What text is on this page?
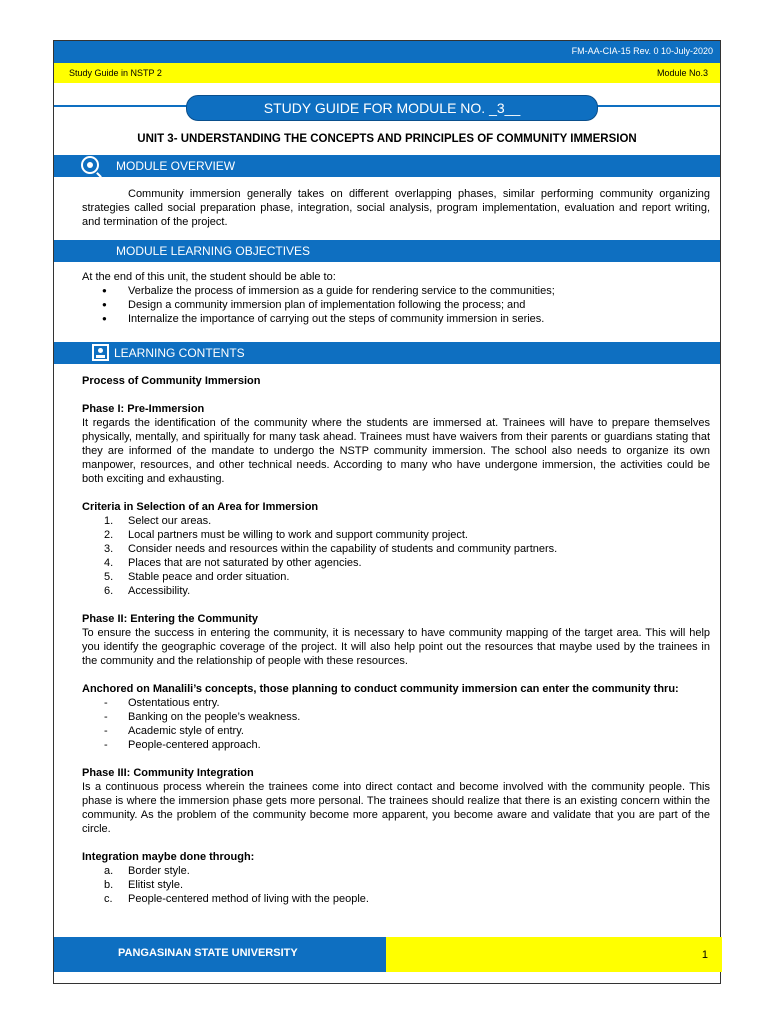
FM-AA-CIA-15 Rev. 0 10-July-2020
Study Guide in NSTP 2	Module No.3
STUDY GUIDE FOR MODULE NO. _3__
UNIT 3- UNDERSTANDING THE CONCEPTS AND PRINCIPLES OF COMMUNITY IMMERSION
MODULE OVERVIEW

Community immersion generally takes on different overlapping phases, similar performing community organizing strategies called social preparation phase, integration, social analysis, program implementation, evaluation and report writing, and termination of the project.

MODULE LEARNING OBJECTIVES

At the end of this unit, the student should be able to:

● Verbalize the process of immersion as a guide for rendering service to the communities;
● Design a community immersion plan of implementation following the process; and
● Internalize the importance of carrying out the steps of community immersion in series.
LEARNING CONTENTS

Process of Community Immersion

Phase I: Pre-Immersion

It regards the identification of the community where the students are immersed at. Trainees will have to prepare themselves physically, mentally, and spiritually for many task ahead. Trainees must have waivers from their parents or guardians stating that they are informed of the mandate to undergo the NSTP community immersion. The school also needs to organize its own manpower, resources, and other technical needs. According to many who have undergone immersion, the activities could be both exciting and exhausting.

Criteria in Selection of an Area for Immersion

1. Select our areas.
2. Local partners must be willing to work and support community project.
3. Consider needs and resources within the capability of students and community partners.
4. Places that are not saturated by other agencies.
5. Stable peace and order situation.
6. Accessibility.

Phase II: Entering the Community

To ensure the success in entering the community, it is necessary to have community mapping of the target area. This will help you identify the geographic coverage of the project. It will also help point out the resources that maybe used by the trainees in the community and the relationship of people with these resources.

Anchored on Manalili’s concepts, those planning to conduct community immersion can enter the community thru:

- Ostentatious entry.
- Banking on the people’s weakness.
- Academic style of entry.
- People-centered approach.

Phase III: Community Integration

Is a continuous process wherein the trainees come into direct contact and become involved with the community people. This phase is where the immersion phase gets more personal. The trainees should realize that there is an existing concern within the community. As the problem of the community become more apparent, you become aware and validate that you are part of the circle.

Integration maybe done through:

a. Border style.
b. Elitist style.
c. People-centered method of living with the people.
PANGASINAN STATE UNIVERSITY	1
